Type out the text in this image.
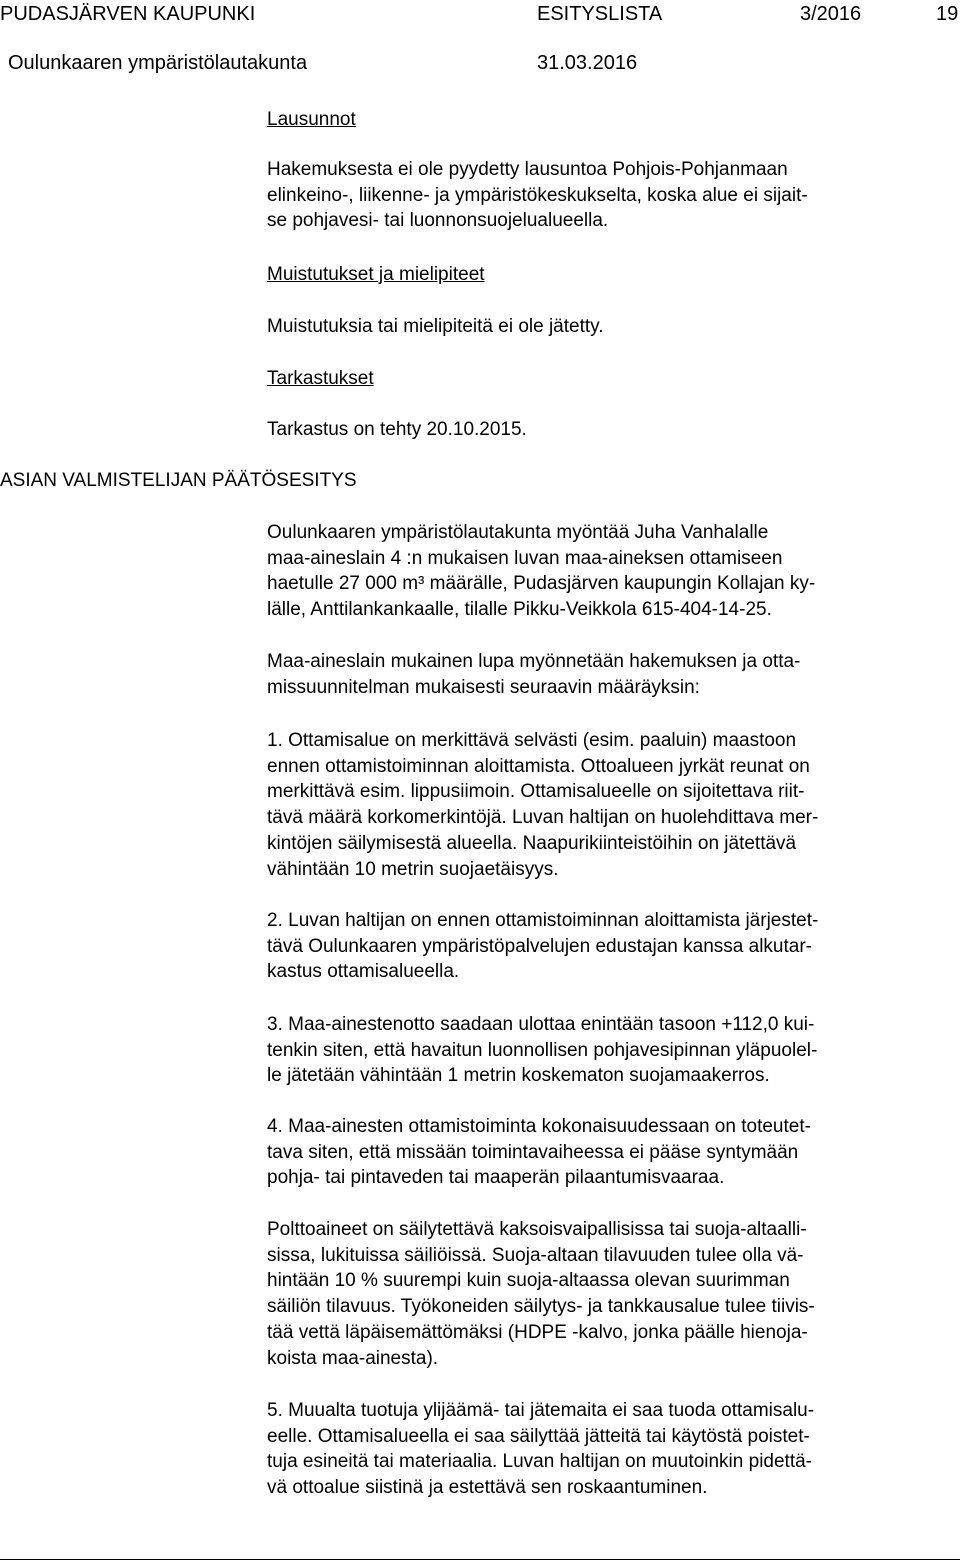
PUDASJÄRVEN KAUPUNKI	ESITYSLISTA	3/2016	19
Oulunkaaren ympäristölautakunta	31.03.2016
Lausunnot

Hakemuksesta ei ole pyydetty lausuntoa Pohjois-Pohjanmaan

elinkeino-, liikenne- ja ympäristökeskukselta, koska alue ei sijait-

se pohjavesi- tai luonnonsuojelualueella.

Muistutukset ja mielipiteet
Muistutuksia tai mielipiteitä ei ole jätetty.
Tarkastukset
Tarkastus on tehty 20.10.2015.
ASIAN VALMISTELIJAN PÄÄTÖSESITYS

Oulunkaaren ympäristölautakunta myöntää Juha Vanhalalle

maa-aineslain 4 :n mukaisen luvan maa-aineksen ottamiseen

haetulle 27 000 m³ määrälle, Pudasjärven kaupungin Kollajan ky-

lälle, Anttilankankaalle, tilalle Pikku-Veikkola 615-404-14-25.

Maa-aineslain mukainen lupa myönnetään hakemuksen ja otta-

missuunnitelman mukaisesti seuraavin määräyksin:

1. Ottamisalue on merkittävä selvästi (esim. paaluin) maastoon

ennen ottamistoiminnan aloittamista. Ottoalueen jyrkät reunat on

merkittävä esim. lippusiimoin. Ottamisalueelle on sijoitettava riit-

tävä määrä korkomerkintöjä. Luvan haltijan on huolehdittava mer-

kintöjen säilymisestä alueella. Naapurikiinteistöihin on jätettävä

vähintään 10 metrin suojaetäisyys.

2. Luvan haltijan on ennen ottamistoiminnan aloittamista järjestet-

tävä Oulunkaaren ympäristöpalvelujen edustajan kanssa alkutar-

kastus ottamisalueella.

3. Maa-ainestenotto saadaan ulottaa enintään tasoon +112,0 kui-

tenkin siten, että havaitun luonnollisen pohjavesipinnan yläpuolel-

le jätetään vähintään 1 metrin koskematon suojamaakerros.

4. Maa-ainesten ottamistoiminta kokonaisuudessaan on toteutet-

tava siten, että missään toimintavaiheessa ei pääse syntymään

pohja- tai pintaveden tai maaperän pilaantumisvaaraa.

Polttoaineet on säilytettävä kaksoisvaipallisissa tai suoja-altaalli-

sissa, lukituissa säiliöissä. Suoja-altaan tilavuuden tulee olla vä-

hintään 10 % suurempi kuin suoja-altaassa olevan suurimman

säiliön tilavuus. Työkoneiden säilytys- ja tankkausalue tulee tiivis-

tää vettä läpäisemättömäksi (HDPE -kalvo, jonka päälle hienoja-

koista maa-ainesta).

5. Muualta tuotuja ylijäämä- tai jätemaita ei saa tuoda ottamisalu-

eelle. Ottamisalueella ei saa säilyttää jätteitä tai käytöstä poistet-

tuja esineitä tai materiaalia. Luvan haltijan on muutoinkin pidettä-

vä ottoalue siistinä ja estettävä sen roskaantuminen.
